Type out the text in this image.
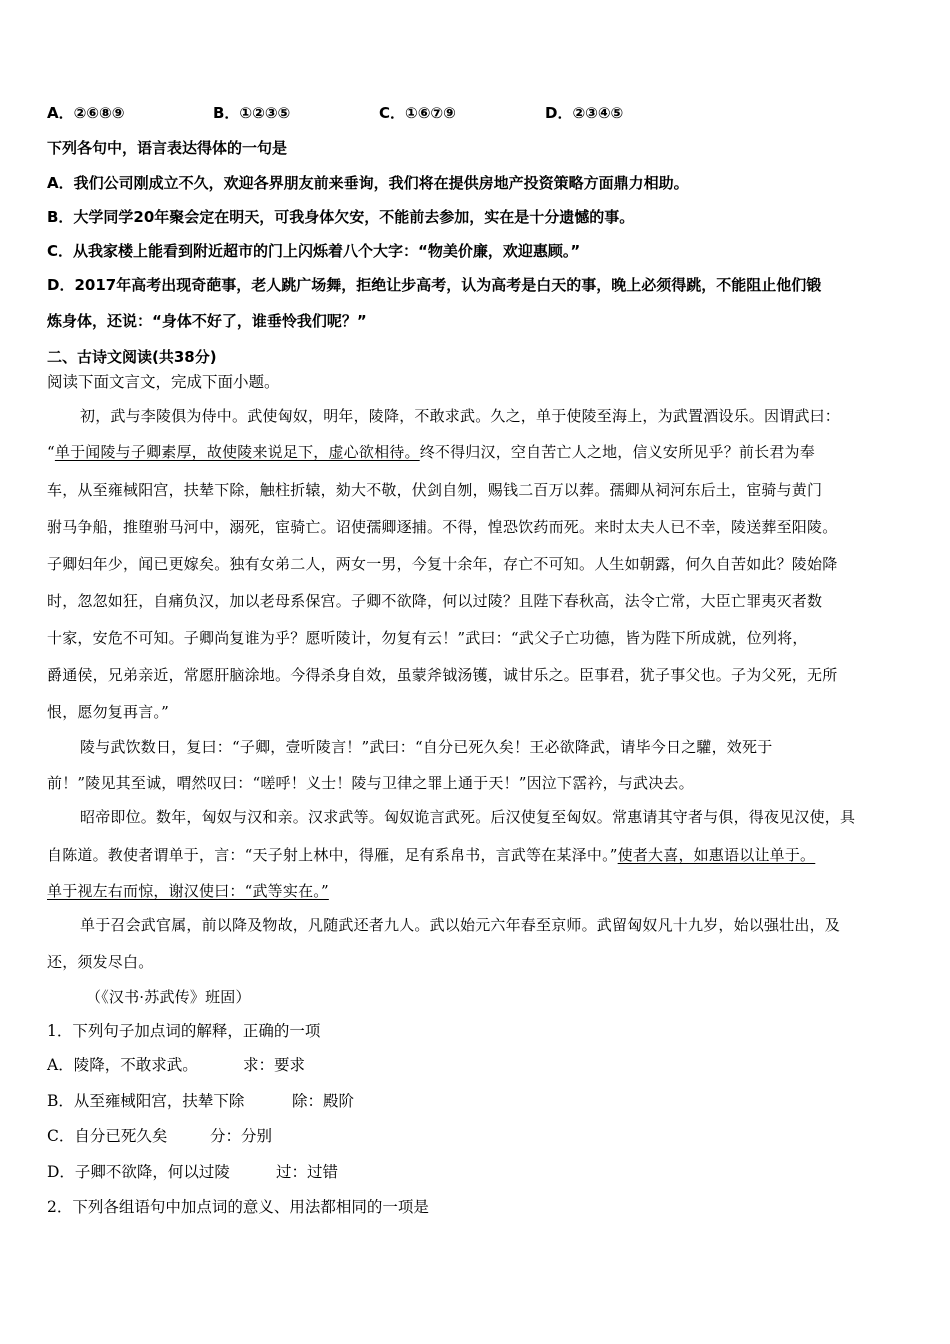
A．②⑥⑧⑨	B．①②③⑤	C．①⑥⑦⑨	D．②③④⑤
下列各句中，语言表达得体的一句是
A．我们公司刚成立不久，欢迎各界朋友前来垂询，我们将在提供房地产投资策略方面鼎力相助。
B．大学同学20年聚会定在明天，可我身体欠安，不能前去参加，实在是十分遗憾的事。
C．从我家楼上能看到附近超市的门上闪烁着八个大字：“物美价廉，欢迎惠顾。”
D．2017年高考出现奇葩事，老人跳广场舞，拒绝让步高考，认为高考是白天的事，晚上必须得跳，不能阻止他们锻
炼身体，还说：“身体不好了，谁垂怜我们呢？”
二、古诗文阅读(共38分)
阅读下面文言文，完成下面小题。
初，武与李陵俱为侍中。武使匈奴，明年，陵降，不敢求武。久之，单于使陵至海上，为武置酒设乐。因谓武曰：
“单于闻陵与子卿素厚，故使陵来说足下，虚心欲相待。终不得归汉，空自苦亡人之地，信义安所见乎？前长君为奉
车，从至雍棫阳宫，扶辇下除，触柱折辕，劾大不敬，伏剑自刎，赐钱二百万以葬。孺卿从祠河东后土，宦骑与黄门
驸马争船，推堕驸马河中，溺死，宦骑亡。诏使孺卿逐捕。不得，惶恐饮药而死。来时太夫人已不幸，陵送葬至阳陵。
子卿妇年少，闻已更嫁矣。独有女弟二人，两女一男，今复十余年，存亡不可知。人生如朝露，何久自苦如此？陵始降
时，忽忽如狂，自痛负汉，加以老母系保宫。子卿不欲降，何以过陵？且陛下春秋高，法令亡常，大臣亡罪夷灭者数
十家，安危不可知。子卿尚复谁为乎？愿听陵计，勿复有云！”武曰：“武父子亡功德，皆为陛下所成就，位列将，
爵通侯，兄弟亲近，常愿肝脑涂地。今得杀身自效，虽蒙斧钺汤镬，诚甘乐之。臣事君，犹子事父也。子为父死，无所
恨，愿勿复再言。”
陵与武饮数日，复曰：“子卿，壹听陵言！”武曰：“自分已死久矣！王必欲降武，请毕今日之驩，效死于
前！”陵见其至诚，喟然叹曰：“嗟呼！义士！陵与卫律之罪上通于天！”因泣下霑衿，与武决去。
昭帝即位。数年，匈奴与汉和亲。汉求武等。匈奴诡言武死。后汉使复至匈奴。常惠请其守者与俱，得夜见汉使，具
自陈道。教使者谓单于，言：“天子射上林中，得雁，足有系帛书，言武等在某泽中。”使者大喜，如惠语以让单于。
单于视左右而惊，谢汉使曰：“武等实在。”
单于召会武官属，前以降及物故，凡随武还者九人。武以始元六年春至京师。武留匈奴凡十九岁，始以强壮出，及
还，须发尽白。
（《汉书·苏武传》班固）
1．下列句子加点词的解释，正确的一项
A．陵降，不敢求武。	求：要求
B．从至雍棫阳宫，扶辇下除	除：殿阶
C．自分已死久矣	分：分别
D．子卿不欲降，何以过陵	过：过错
2．下列各组语句中加点词的意义、用法都相同的一项是
